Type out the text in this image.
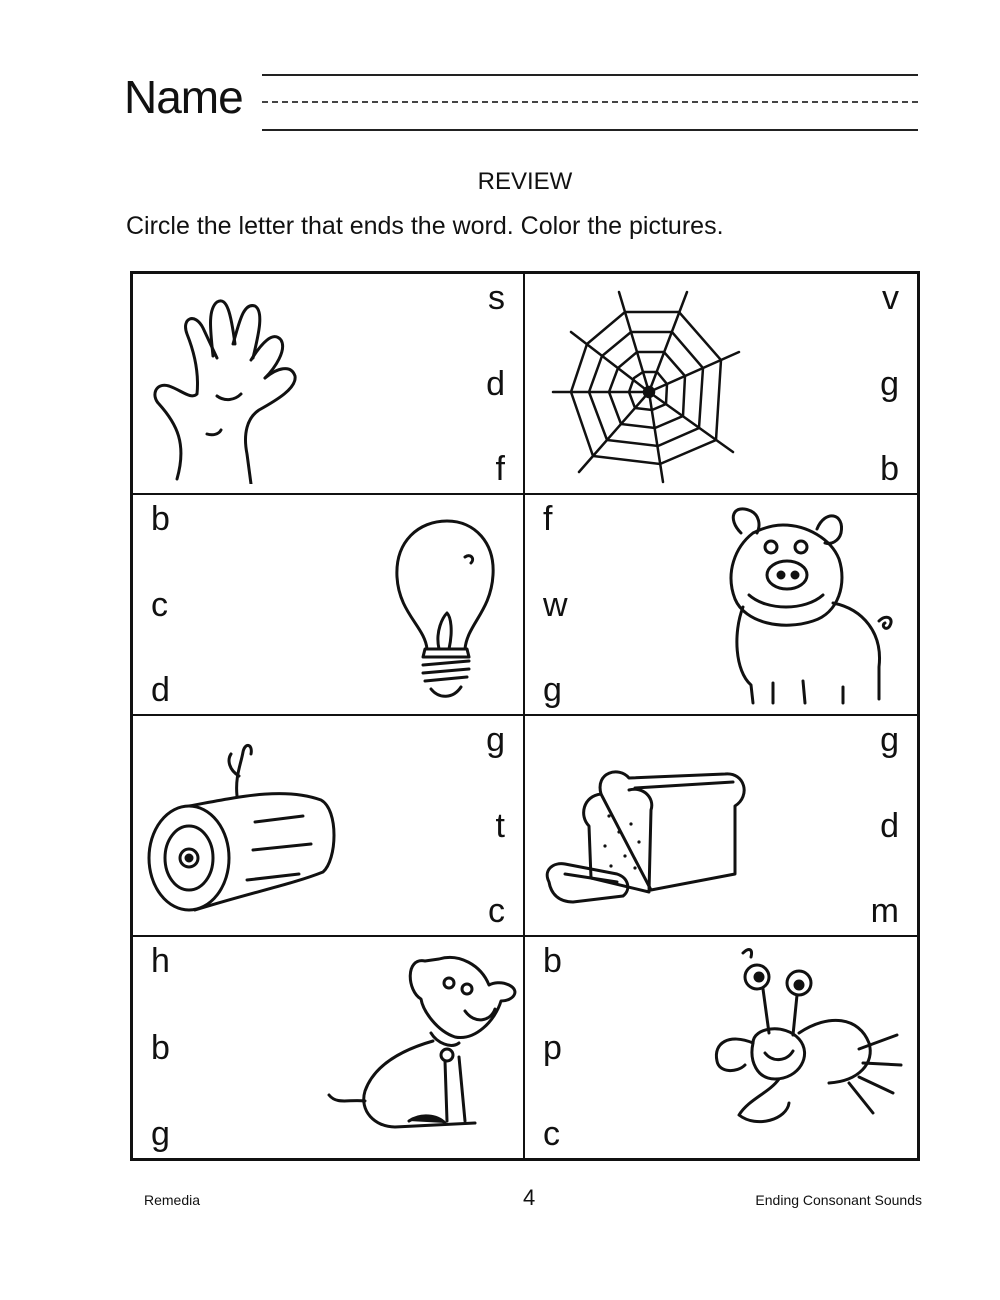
Name
REVIEW
Circle the letter that ends the word. Color the pictures.
s
d
f
v
g
b
b
c
d
f
w
g
g
t
c
g
d
m
h
b
g
b
p
c
Remedia	4	Ending Consonant Sounds
